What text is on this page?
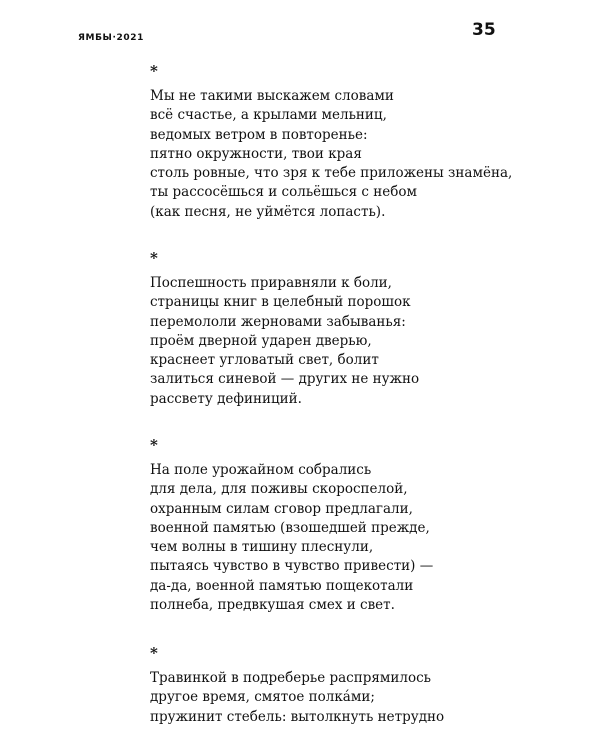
ЯМБЫ·2021	35
*
Мы не такими выскажем словами
всё счастье, а крылами мельниц,
ведомых ветром в повторенье:
пятно окружности, твои края
столь ровные, что зря к тебе приложены знамёна,
ты рассосёшься и сольёшься с небом
(как песня, не уймётся лопасть).
*
Поспешность приравняли к боли,
страницы книг в целебный порошок
перемололи жерновами забыванья:
проём дверной ударен дверью,
краснеет угловатый свет, болит
залиться синевой — других не нужно
рассвету дефиниций.
*
На поле урожайном собрались
для дела, для поживы скороспелой,
охранным силам сговор предлагали,
военной памятью (взошедшей прежде,
чем волны в тишину плеснули,
пытаясь чувство в чувство привести) —
да-да, военной памятью пощекотали
полнеба, предвкушая смех и свет.
*
Травинкой в подреберье распрямилось
другое время, смятое полкáми;
пружинит стебель: вытолкнуть нетрудно
